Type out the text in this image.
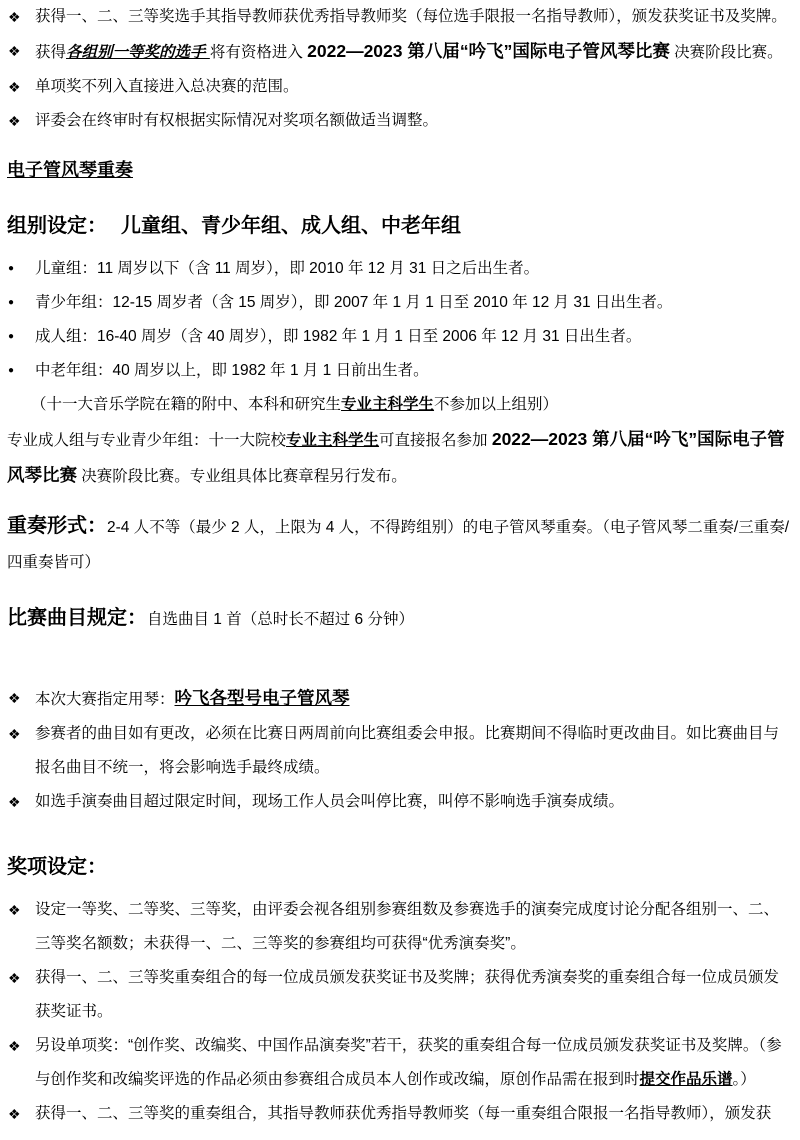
❖ 获得一、二、三等奖选手其指导教师获优秀指导教师奖（每位选手限报一名指导教师），颁发获奖证书及奖牌。
❖ 获得各组别一等奖的选手 将有资格进入 2022—2023 第八届“吟飞”国际电子管风琴比赛 决赛阶段比赛。
❖ 单项奖不列入直接进入总决赛的范围。
❖ 评委会在终审时有权根据实际情况对奖项名额做适当调整。
电子管风琴重奏
组别设定： 儿童组、青少年组、成人组、中老年组
● 儿童组：11 周岁以下（含 11 周岁），即 2010 年 12 月 31 日之后出生者。
● 青少年组：12-15 周岁者（含 15 周岁），即 2007 年 1 月 1 日至 2010 年 12 月 31 日出生者。
● 成人组：16-40 周岁（含 40 周岁），即 1982 年 1 月 1 日至 2006 年 12 月 31 日出生者。
● 中老年组：40 周岁以上，即 1982 年 1 月 1 日前出生者。
（十一大音乐学院在籍的附中、本科和研究生专业主科学生不参加以上组别）
专业成人组与专业青少年组：十一大院校专业主科学生可直接报名参加 2022—2023 第八届“吟飞”国际电子管风琴比赛 决赛阶段比赛。专业组具体比赛章程另行发布。
重奏形式：2-4 人不等（最少 2 人，上限为 4 人，不得跨组别）的电子管风琴重奏。（电子管风琴二重奏/三重奏/四重奏皆可）
比赛曲目规定：自选曲目 1 首（总时长不超过 6 分钟）
❖ 本次大赛指定用琴：吟飞各型号电子管风琴
❖ 参赛者的曲目如有更改，必须在比赛日两周前向比赛组委会申报。比赛期间不得临时更改曲目。如比赛曲目与报名曲目不统一，将会影响选手最终成绩。
❖ 如选手演奏曲目超过限定时间，现场工作人员会叫停比赛，叫停不影响选手演奏成绩。
奖项设定：
❖ 设定一等奖、二等奖、三等奖，由评委会视各组别参赛组数及参赛选手的演奏完成度讨论分配各组别一、二、三等奖名额数；未获得一、二、三等奖的参赛组均可获得“优秀演奏奖”。
❖ 获得一、二、三等奖重奏组合的每一位成员颁发获奖证书及奖牌；获得优秀演奏奖的重奏组合每一位成员颁发获奖证书。
❖ 另设单项奖：“创作奖、改编奖、中国作品演奏奖”若干，获奖的重奏组合每一位成员颁发获奖证书及奖牌。（参与创作奖和改编奖评选的作品必须由参赛组合成员本人创作或改编，原创作品需在报到时提交作品乐谱。）
❖ 获得一、二、三等奖的重奏组合，其指导教师获优秀指导教师奖（每一重奏组合限报一名指导教师），颁发获
